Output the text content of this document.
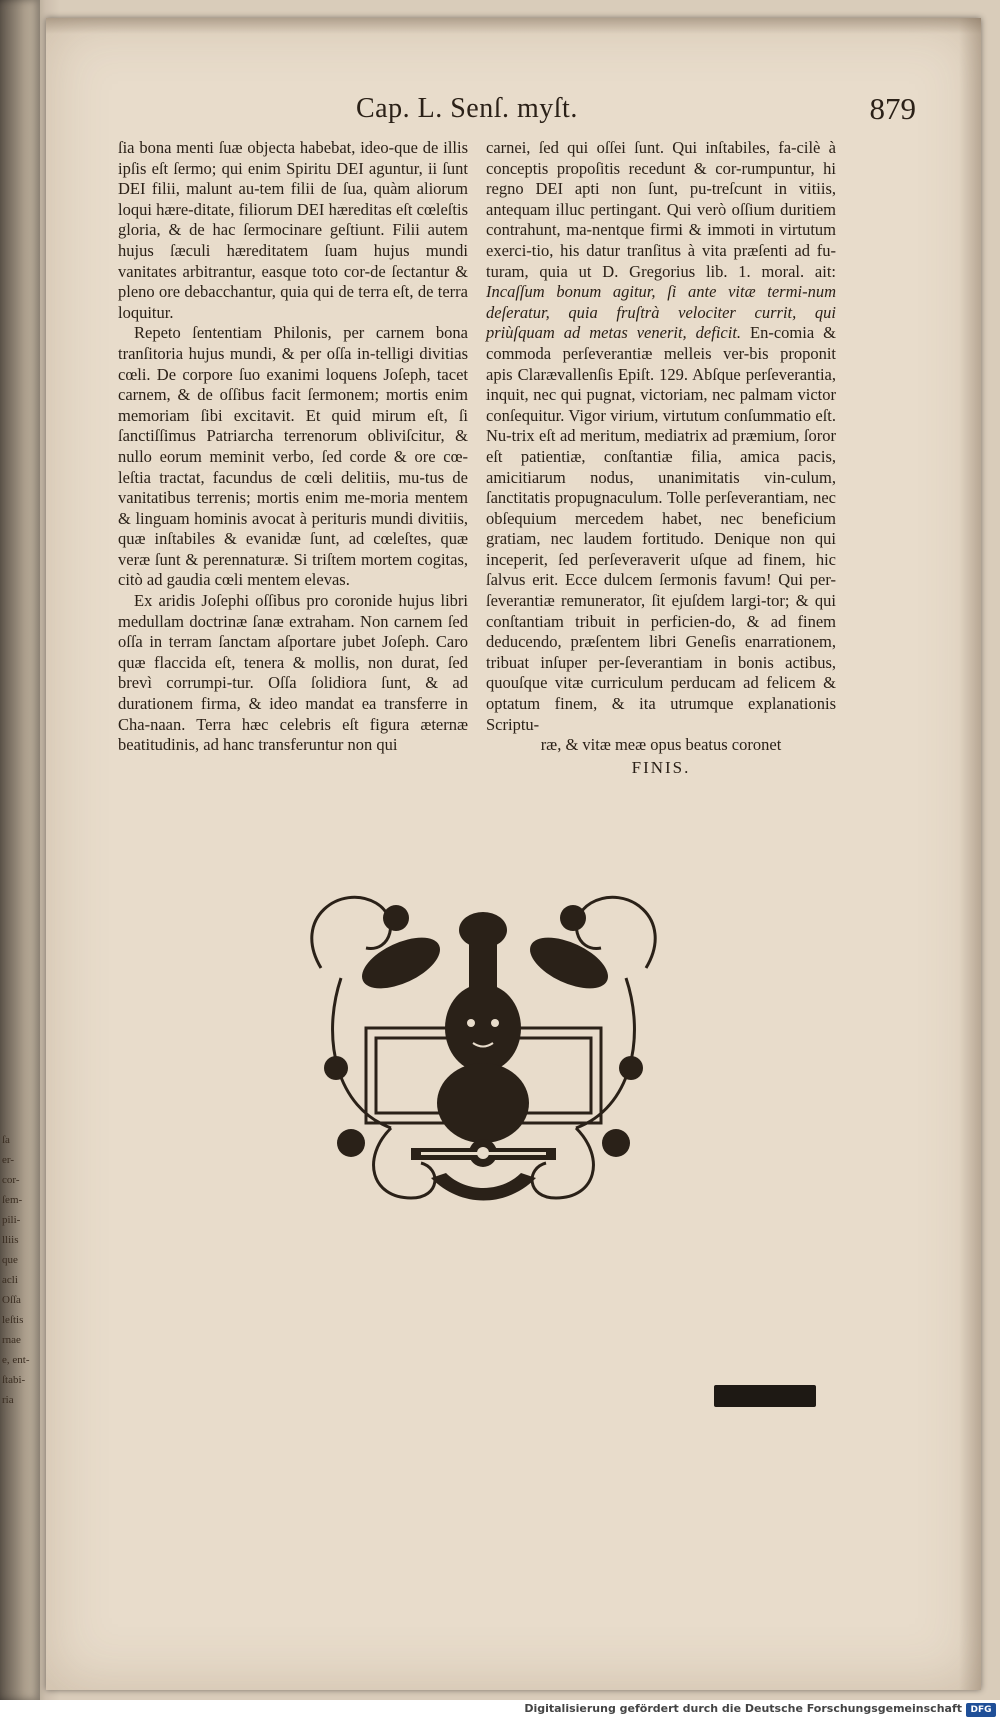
ſa
er-
cor-
ſem-
pili-
lliis
que
acli
Oſſa
leſtis
rnae
e, ent-
ſtabi-
ria
Cap. L. Senſ. myſt.	879

ſia bona menti ſuæ objecta habebat, ideo-que de illis ipſis eſt ſermo; qui enim Spiritu DEI aguntur, ii ſunt DEI filii, malunt au-tem filii de ſua, quàm aliorum loqui hære-ditate, filiorum DEI hæreditas eſt cœleſtis gloria, & de hac ſermocinare geſtiunt. Filii autem hujus ſæculi hæreditatem ſuam hujus mundi vanitates arbitrantur, easque toto cor-de ſectantur & pleno ore debacchantur, quia qui de terra eſt, de terra loquitur.

Repeto ſententiam Philonis, per carnem bona tranſitoria hujus mundi, & per oſſa in-telligi divitias cœli. De corpore ſuo exanimi loquens Joſeph, tacet carnem, & de oſſibus facit ſermonem; mortis enim memoriam ſibi excitavit. Et quid mirum eſt, ſi ſanctiſſimus Patriarcha terrenorum obliviſcitur, & nullo eorum meminit verbo, ſed corde & ore cœ-leſtia tractat, facundus de cœli delitiis, mu-tus de vanitatibus terrenis; mortis enim me-moria mentem & linguam hominis avocat à perituris mundi divitiis, quæ inſtabiles & evanidæ ſunt, ad cœleſtes, quæ veræ ſunt & perennaturæ. Si triſtem mortem cogitas, citò ad gaudia cœli mentem elevas.

Ex aridis Joſephi oſſibus pro coronide hujus libri medullam doctrinæ ſanæ extraham. Non carnem ſed oſſa in terram ſanctam aſportare jubet Joſeph. Caro quæ flaccida eſt, tenera & mollis, non durat, ſed brevì corrumpi-tur. Oſſa ſolidiora ſunt, & ad durationem firma, & ideo mandat ea transferre in Cha-naan. Terra hæc celebris eſt figura æternæ beatitudinis, ad hanc transferuntur non qui

carnei, ſed qui oſſei ſunt. Qui inſtabiles, fa-cilè à conceptis propoſitis recedunt & cor-rumpuntur, hi regno DEI apti non ſunt, pu-treſcunt in vitiis, antequam illuc pertingant. Qui verò oſſium duritiem contrahunt, ma-nentque firmi & immoti in virtutum exerci-tio, his datur tranſitus à vita præſenti ad fu-turam, quia ut D. Gregorius lib. 1. moral. ait: Incaſſum bonum agitur, ſi ante vitæ termi-num deſeratur, quia fruſtrà velociter currit, qui priùſquam ad metas venerit, deficit. En-comia & commoda perſeverantiæ melleis ver-bis proponit apis Clarævallenſis Epiſt. 129. Abſque perſeverantia, inquit, nec qui pugnat, victoriam, nec palmam victor conſequitur. Vigor virium, virtutum conſummatio eſt. Nu-trix eſt ad meritum, mediatrix ad præmium, ſoror eſt patientiæ, conſtantiæ filia, amica pacis, amicitiarum nodus, unanimitatis vin-culum, ſanctitatis propugnaculum. Tolle perſeverantiam, nec obſequium mercedem habet, nec beneficium gratiam, nec laudem fortitudo. Denique non qui inceperit, ſed perſeveraverit uſque ad finem, hic ſalvus erit. Ecce dulcem ſermonis favum! Qui per-ſeverantiæ remunerator, ſit ejuſdem largi-tor; & qui conſtantiam tribuit in perficien-do, & ad finem deducendo, præſentem libri Geneſis enarrationem, tribuat inſuper per-ſeverantiam in bonis actibus, quouſque vitæ curriculum perducam ad felicem & optatum finem, & ita utrumque explanationis Scriptu-

ræ, & vitæ meæ opus beatus coronet
FINIS.
Digitalisierung gefördert durch die Deutsche Forschungsgemeinschaft DFG
